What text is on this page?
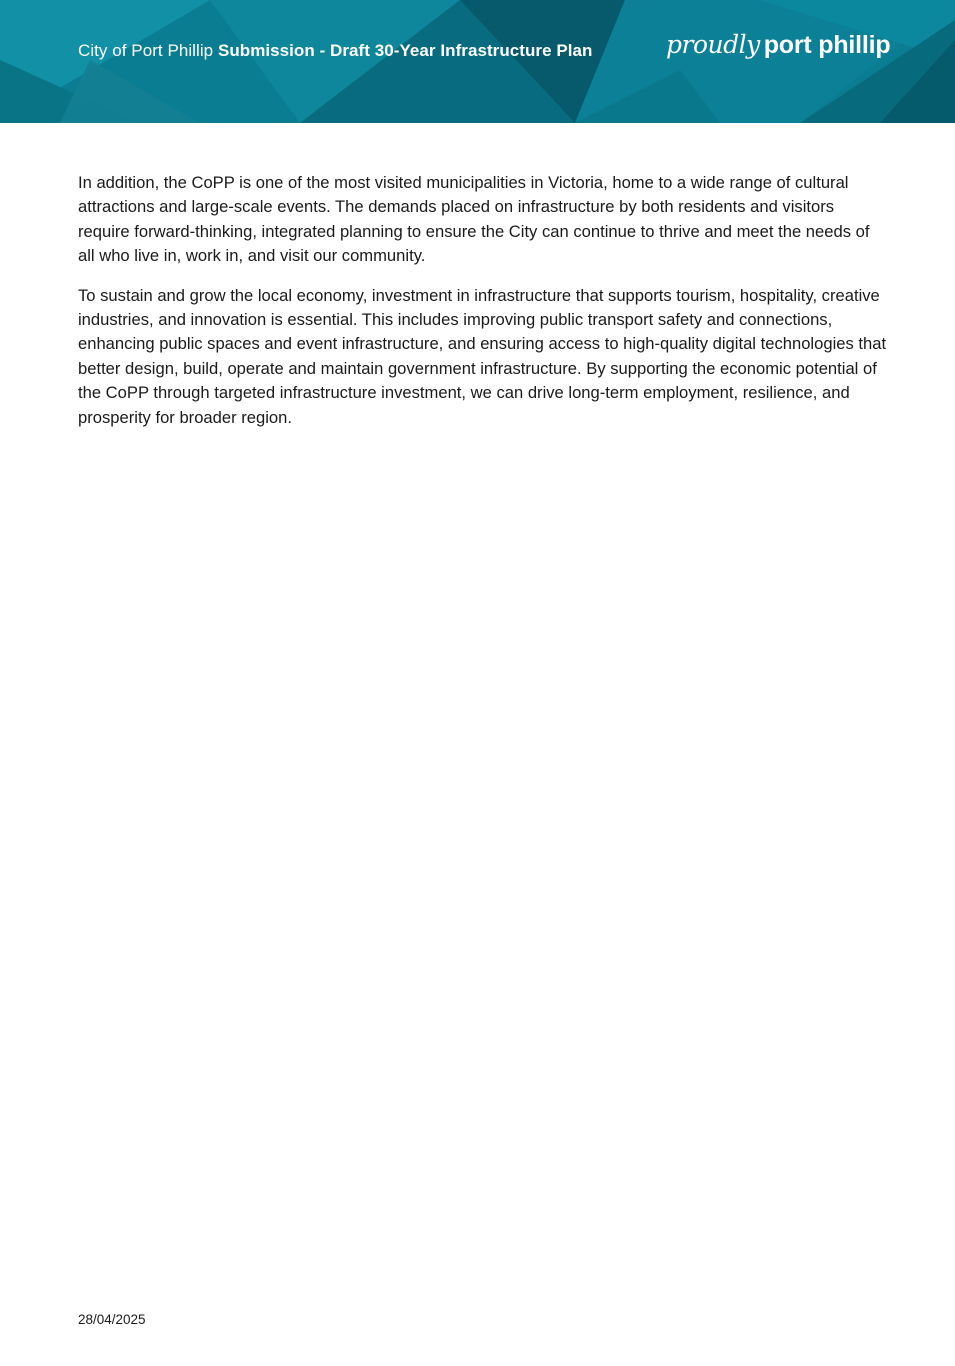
City of Port Phillip Submission - Draft 30-Year Infrastructure Plan	proudly port phillip

In addition, the CoPP is one of the most visited municipalities in Victoria, home to a wide range of cultural attractions and large-scale events. The demands placed on infrastructure by both residents and visitors require forward-thinking, integrated planning to ensure the City can continue to thrive and meet the needs of all who live in, work in, and visit our community.

To sustain and grow the local economy, investment in infrastructure that supports tourism, hospitality, creative industries, and innovation is essential. This includes improving public transport safety and connections, enhancing public spaces and event infrastructure, and ensuring access to high-quality digital technologies that better design, build, operate and maintain government infrastructure. By supporting the economic potential of the CoPP through targeted infrastructure investment, we can drive long-term employment, resilience, and prosperity for broader region.

28/04/2025
